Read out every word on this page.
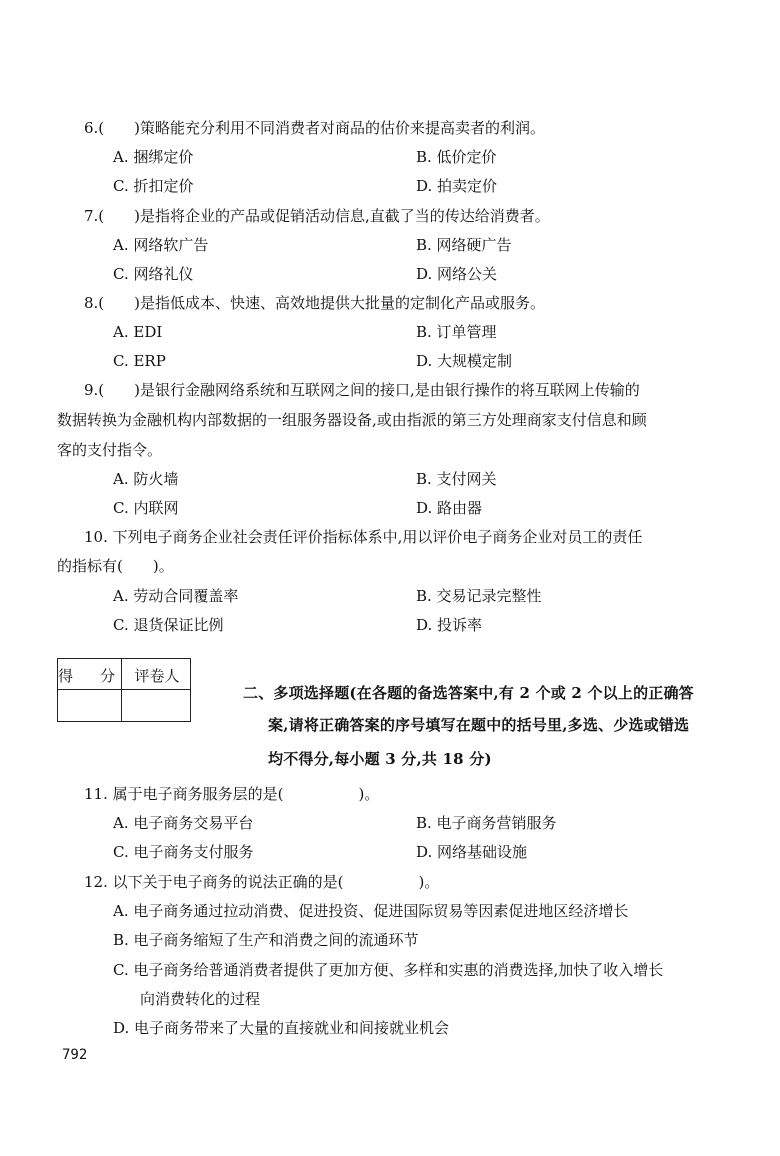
6.(　　)策略能充分利用不同消费者对商品的估价来提高卖者的利润。
A. 捆绑定价	B. 低价定价
C. 折扣定价	D. 拍卖定价
7.(　　)是指将企业的产品或促销活动信息,直截了当的传达给消费者。
A. 网络软广告	B. 网络硬广告
C. 网络礼仪	D. 网络公关
8.(　　)是指低成本、快速、高效地提供大批量的定制化产品或服务。
A. EDI	B. 订单管理
C. ERP	D. 大规模定制
9.(　　)是银行金融网络系统和互联网之间的接口,是由银行操作的将互联网上传输的
数据转换为金融机构内部数据的一组服务器设备,或由指派的第三方处理商家支付信息和顾
客的支付指令。
A. 防火墙	B. 支付网关
C. 内联网	D. 路由器
10. 下列电子商务企业社会责任评价指标体系中,用以评价电子商务企业对员工的责任
的指标有(　　)。
A. 劳动合同覆盖率	B. 交易记录完整性
C. 退货保证比例	D. 投诉率
得　分 评卷人
二、多项选择题(在各题的备选答案中,有 2 个或 2 个以上的正确答
案,请将正确答案的序号填写在题中的括号里,多选、少选或错选
均不得分,每小题 3 分,共 18 分)
11. 属于电子商务服务层的是(　　　　　)。
A. 电子商务交易平台	B. 电子商务营销服务
C. 电子商务支付服务	D. 网络基础设施
12. 以下关于电子商务的说法正确的是(　　　　　)。
A. 电子商务通过拉动消费、促进投资、促进国际贸易等因素促进地区经济增长
B. 电子商务缩短了生产和消费之间的流通环节
C. 电子商务给普通消费者提供了更加方便、多样和实惠的消费选择,加快了收入增长
向消费转化的过程
D. 电子商务带来了大量的直接就业和间接就业机会
792
